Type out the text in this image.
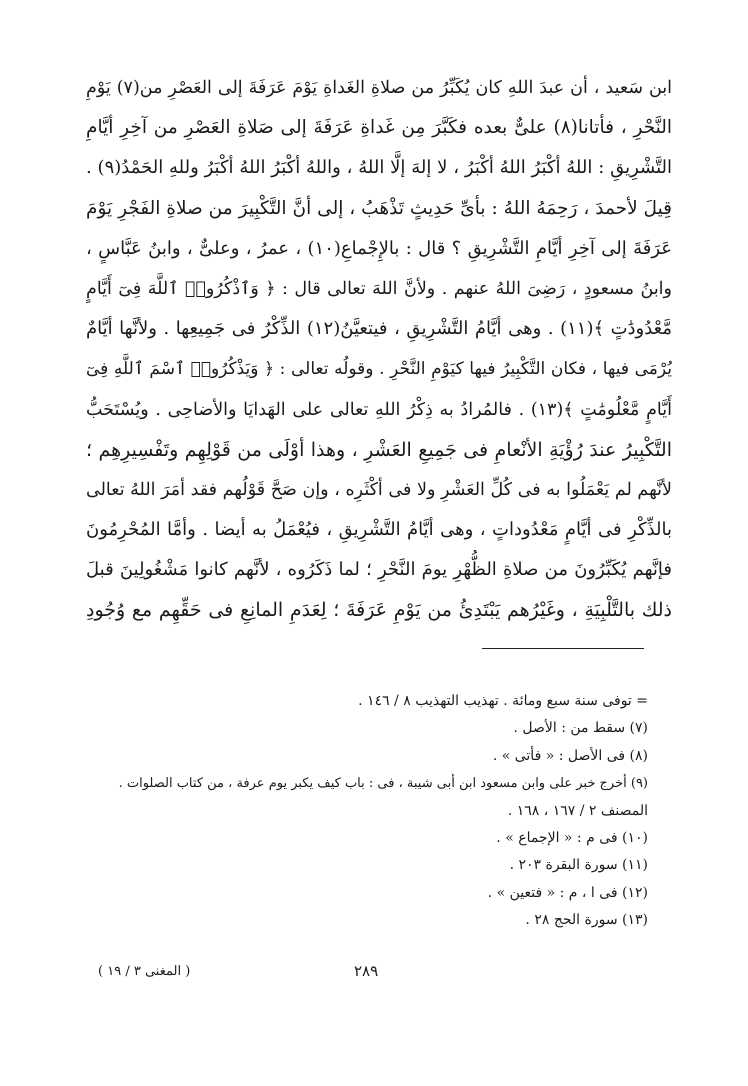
ابن سَعيد ، أن عبدَ اللهِ كان يُكَبِّرُ من صلاةِ الغَداةِ يَوْمَ عَرَفَةَ إلى العَصْرِ من(٧) يَوْمِ
النَّحْرِ ، فأتانا(٨) علىٌّ بعده فكَبَّرَ مِن غَداةِ عَرَفَةَ إلى صَلاةِ العَصْرِ من آخِرِ أيَّامِ
التَّشْرِيقِ : اللهُ أكْبَرُ اللهُ أكْبَرُ ، لا إلهَ إلَّا اللهُ ، واللهُ أكْبَرُ اللهُ أكْبَرُ وللهِ الحَمْدُ(٩) .
قِيلَ لأحمدَ ، رَحِمَهُ اللهُ : بأىِّ حَدِيثٍ تَذْهَبُ ، إلى أنَّ التَّكْبِيرَ من صلاةِ الفَجْرِ يَوْمَ
عَرَفَةَ إلى آخِرِ أيَّامِ التَّشْرِيقِ ؟ قال : بالإِجْماعِ(١٠) ، عمرُ ، وعلىٌّ ، وابنُ عَبَّاسٍ ،
وابنُ مسعودٍ ، رَضِىَ اللهُ عنهم . ولأنَّ اللهَ تعالى قال : ﴿ وَٱذْكُرُوا۟ ٱللَّهَ فِىٓ أَيَّامٍ
مَّعْدُودَٰتٍ ﴾(١١) . وهى أيَّامُ التَّشْرِيقِ ، فيتعيَّنُ(١٢) الذِّكْرُ فى جَمِيعِها . ولأنَّها أيَّامٌ
يُرْمَى فيها ، فكان التَّكْبِيرُ فيها كيَوْمِ النَّحْرِ . وقولُه تعالى : ﴿ وَيَذْكُرُوا۟ ٱسْمَ ٱللَّهِ فِىٓ
أَيَّامٍ مَّعْلُومَٰتٍ ﴾(١٣) . فالمُرادُ به ذِكْرُ اللهِ تعالى على الهَدايَا والأضاحِى . ويُسْتَحَبُّ
التَّكْبِيرُ عندَ رُؤْيَةِ الأنْعامِ فى جَمِيعِ العَشْرِ ، وهذا أوْلَى من قَوْلِهِم وتَفْسِيرِهِم ؛
لأنَّهم لم يَعْمَلُوا به فى كُلِّ العَشْرِ ولا فى أكْثَرِه ، وإن صَحَّ قَوْلُهم فقد أمَرَ اللهُ تعالى
بالذِّكْرِ فى أيَّامٍ مَعْدُوداتٍ ، وهى أيَّامُ التَّشْرِيقِ ، فيُعْمَلُ به أيضا . وأمَّا المُحْرِمُونَ
فإنَّهم يُكَبِّرُونَ من صلاةِ الظُّهْرِ يومَ النَّحْرِ ؛ لما ذَكَرُوه ، لأنَّهم كانوا مَشْغُولِينَ قبلَ
ذلك بالتَّلْبِيَةِ ، وغَيْرُهم يَبْتَدِئُ من يَوْمِ عَرَفَةَ ؛ لِعَدَمِ المانِعِ فى حَقِّهِم مع وُجُودِ
= توفى سنة سبع ومائة . تهذيب التهذيب ٨ / ١٤٦ .
(٧) سقط من : الأصل .
(٨) فى الأصل : « فأتى » .
(٩) أخرج خبر على وابن مسعود ابن أبى شيبة ، فى : باب كيف يكبر يوم عرفة ، من كتاب الصلوات .
المصنف ٢ / ١٦٧ ، ١٦٨ .
(١٠) فى م : « الإجماع » .
(١١) سورة البقرة ٢٠٣ .
(١٢) فى ا ، م : « فتعين » .
(١٣) سورة الحج ٢٨ .
٢٨٩
( المغنى ٣ / ١٩ )
